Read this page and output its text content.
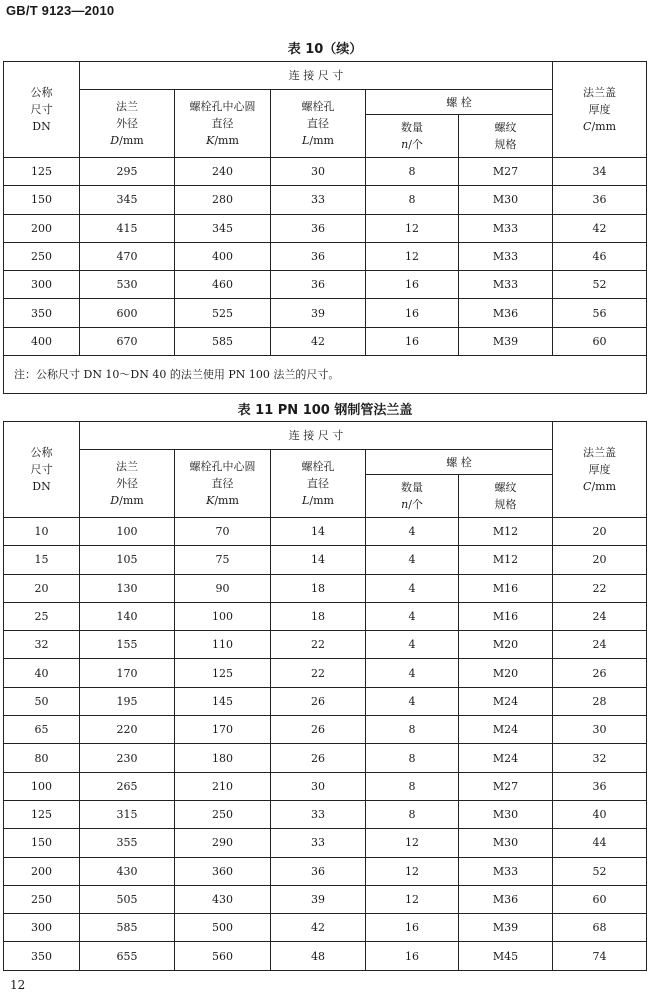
GB/T 9123—2010
表 10（续）
公称
尺寸
DN	连 接 尺 寸					法兰盖
厚度
C/mm

	法兰
外径
D/mm	螺栓孔中心圆
直径
K/mm	螺栓孔
直径
L/mm	螺 栓		

				数量
n/个	螺纹
规格	

125	295	240	30	8	M27	34
150	345	280	33	8	M30	36
200	415	345	36	12	M33	42
250	470	400	36	12	M33	46
300	530	460	36	16	M33	52
350	600	525	39	16	M36	56
400	670	585	42	16	M39	60
注：公称尺寸 DN 10～DN 40 的法兰使用 PN 100 法兰的尺寸。						
表 11 PN 100 钢制管法兰盖
公称
尺寸
DN	连 接 尺 寸					法兰盖
厚度
C/mm

	法兰
外径
D/mm	螺栓孔中心圆
直径
K/mm	螺栓孔
直径
L/mm	螺 栓		

				数量
n/个	螺纹
规格	

10	100	70	14	4	M12	20
15	105	75	14	4	M12	20
20	130	90	18	4	M16	22
25	140	100	18	4	M16	24
32	155	110	22	4	M20	24
40	170	125	22	4	M20	26
50	195	145	26	4	M24	28
65	220	170	26	8	M24	30
80	230	180	26	8	M24	32
100	265	210	30	8	M27	36
125	315	250	33	8	M30	40
150	355	290	33	12	M30	44
200	430	360	36	12	M33	52
250	505	430	39	12	M36	60
300	585	500	42	16	M39	68
350	655	560	48	16	M45	74
12
